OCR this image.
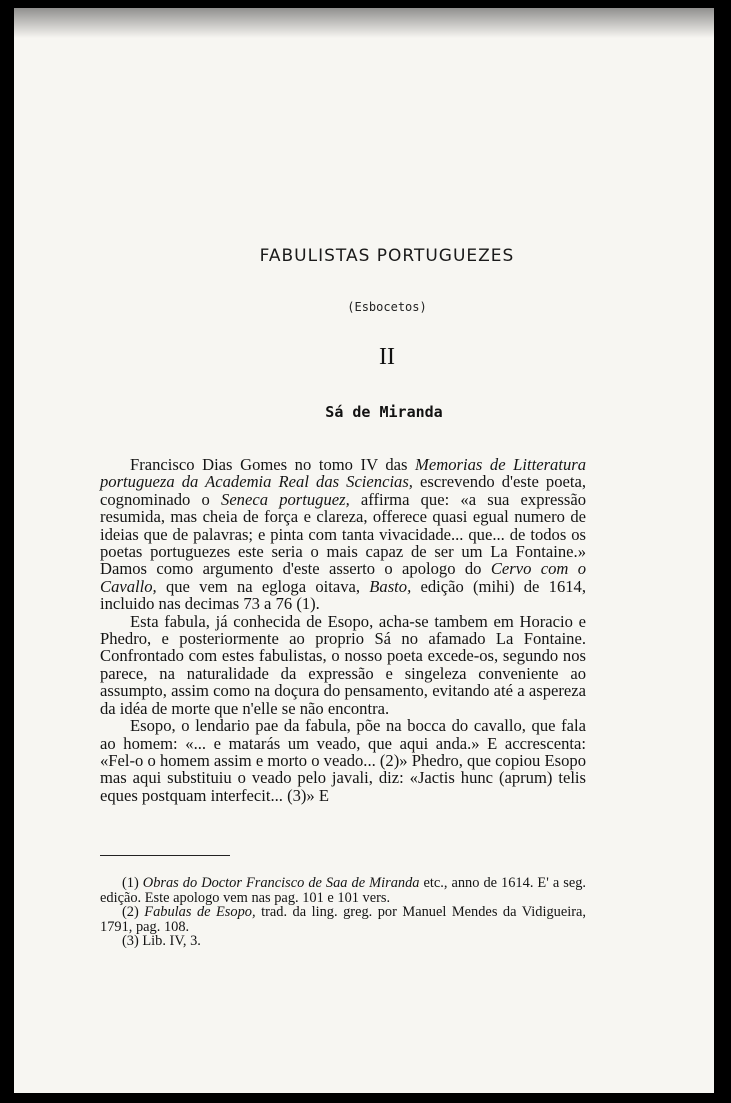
FABULISTAS PORTUGUEZES
(Esbocetos)
II
Sá de Miranda

Francisco Dias Gomes no tomo IV das Memorias de Litteratura portugueza da Academia Real das Sciencias, escrevendo d'este poeta, cognominado o Seneca portuguez, affirma que: «a sua expressão resumida, mas cheia de força e clareza, offerece quasi egual numero de ideias que de palavras; e pinta com tanta vivacidade... que... de todos os poetas portuguezes este seria o mais capaz de ser um La Fontaine.» Damos como argumento d'este asserto o apologo do Cervo com o Cavallo, que vem na egloga oitava, Basto, edição (mihi) de 1614, incluido nas decimas 73 a 76 (1).

Esta fabula, já conhecida de Esopo, acha-se tambem em Horacio e Phedro, e posteriormente ao proprio Sá no afamado La Fontaine. Confrontado com estes fabulistas, o nosso poeta excede-os, segundo nos parece, na naturalidade da expressão e singeleza conveniente ao assumpto, assim como na doçura do pensamento, evitando até a aspereza da idéa de morte que n'elle se não encontra.

Esopo, o lendario pae da fabula, põe na bocca do cavallo, que fala ao homem: «... e matarás um veado, que aqui anda.» E accrescenta: «Fel-o o homem assim e morto o veado... (2)» Phedro, que copiou Esopo mas aqui substituiu o veado pelo javali, diz: «Jactis hunc (aprum) telis eques postquam interfecit... (3)» E

(1) Obras do Doctor Francisco de Saa de Miranda etc., anno de 1614. E' a seg. edição. Este apologo vem nas pag. 101 e 101 vers.

(2) Fabulas de Esopo, trad. da ling. greg. por Manuel Mendes da Vidigueira, 1791, pag. 108.

(3) Lib. IV, 3.
